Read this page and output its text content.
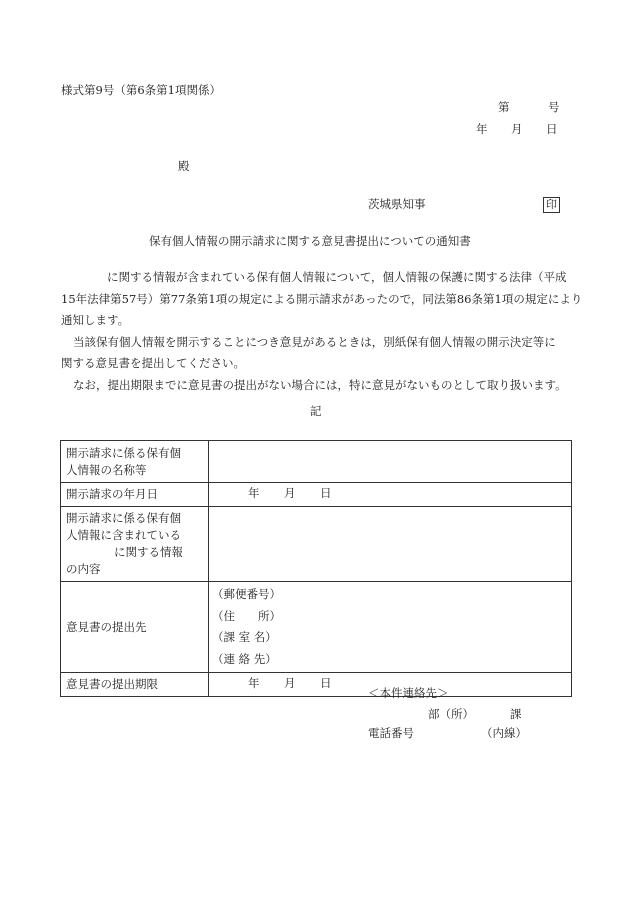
様式第9号（第6条第1項関係）
第	号
年 月 日
殿
茨城県知事	印
保有個人情報の開示請求に関する意見書提出についての通知書
に関する情報が含まれている保有個人情報について，個人情報の保護に関する法律（平成
15年法律第57号）第77条第1項の規定による開示請求があったので，同法第86条第1項の規定により
通知します。
当該保有個人情報を開示することにつき意見があるときは，別紙保有個人情報の開示決定等に
関する意見書を提出してください。
なお，提出期限までに意見書の提出がない場合には，特に意見がないものとして取り扱います。
記
開示請求に係る保有個
人情報の名称等	

開示請求の年月日	年 月 日

開示請求に係る保有個
人情報に含まれている
に関する情報
の内容	

意見書の提出先	（郵便番号）
（住　　所）
（課 室 名）
（連 絡 先）

意見書の提出期限	年 月 日
＜本件連絡先＞
部（所）	課
電話番号	（内線）
